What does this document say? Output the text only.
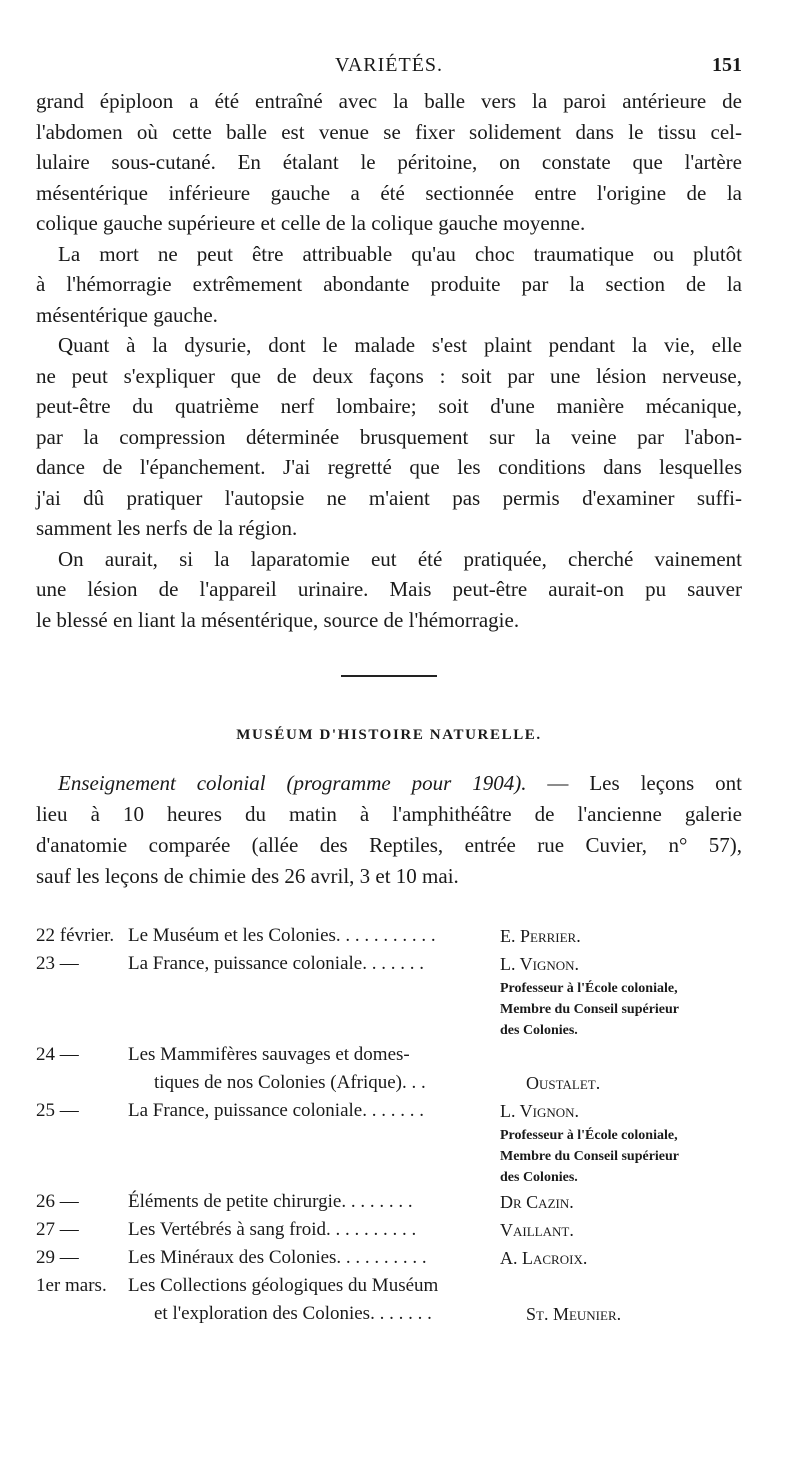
VARIÉTÉS.	151

grand épiploon a été entraîné avec la balle vers la paroi antérieure de
l'abdomen où cette balle est venue se fixer solidement dans le tissu cel-
lulaire sous-cutané. En étalant le péritoine, on constate que l'artère
mésentérique inférieure gauche a été sectionnée entre l'origine de la
colique gauche supérieure et celle de la colique gauche moyenne.

La mort ne peut être attribuable qu'au choc traumatique ou plutôt
à l'hémorragie extrêmement abondante produite par la section de la
mésentérique gauche.

Quant à la dysurie, dont le malade s'est plaint pendant la vie, elle
ne peut s'expliquer que de deux façons : soit par une lésion nerveuse,
peut-être du quatrième nerf lombaire; soit d'une manière mécanique,
par la compression déterminée brusquement sur la veine par l'abon-
dance de l'épanchement. J'ai regretté que les conditions dans lesquelles
j'ai dû pratiquer l'autopsie ne m'aient pas permis d'examiner suffi-
samment les nerfs de la région.

On aurait, si la laparatomie eut été pratiquée, cherché vainement
une lésion de l'appareil urinaire. Mais peut-être aurait-on pu sauver
le blessé en liant la mésentérique, source de l'hémorragie.

MUSÉUM D'HISTOIRE NATURELLE.
Enseignement colonial (programme pour 1904). — Les leçons ont
lieu à 10 heures du matin à l'amphithéâtre de l'ancienne galerie
d'anatomie comparée (allée des Reptiles, entrée rue Cuvier, n° 57),
sauf les leçons de chimie des 26 avril, 3 et 10 mai.
22 février. Le Muséum et les Colonies. . . . . . . . . . .	E. Perrier.
23 —	La France, puissance coloniale. . . . . . .	L. Vignon.
Professeur à l'École coloniale,
Membre du Conseil supérieur
des Colonies.
24 —	Les Mammifères sauvages et domes-
tiques de nos Colonies (Afrique). . .	Oustalet.
25 —	La France, puissance coloniale. . . . . . .	L. Vignon.
Professeur à l'École coloniale,
Membre du Conseil supérieur
des Colonies.
26 —	Éléments de petite chirurgie. . . . . . . .	Dr Cazin.
27 —	Les Vertébrés à sang froid. . . . . . . . . .	Vaillant.
29 —	Les Minéraux des Colonies. . . . . . . . . .	A. Lacroix.
1er mars.	Les Collections géologiques du Muséum
et l'exploration des Colonies. . . . . . .	St. Meunier.
